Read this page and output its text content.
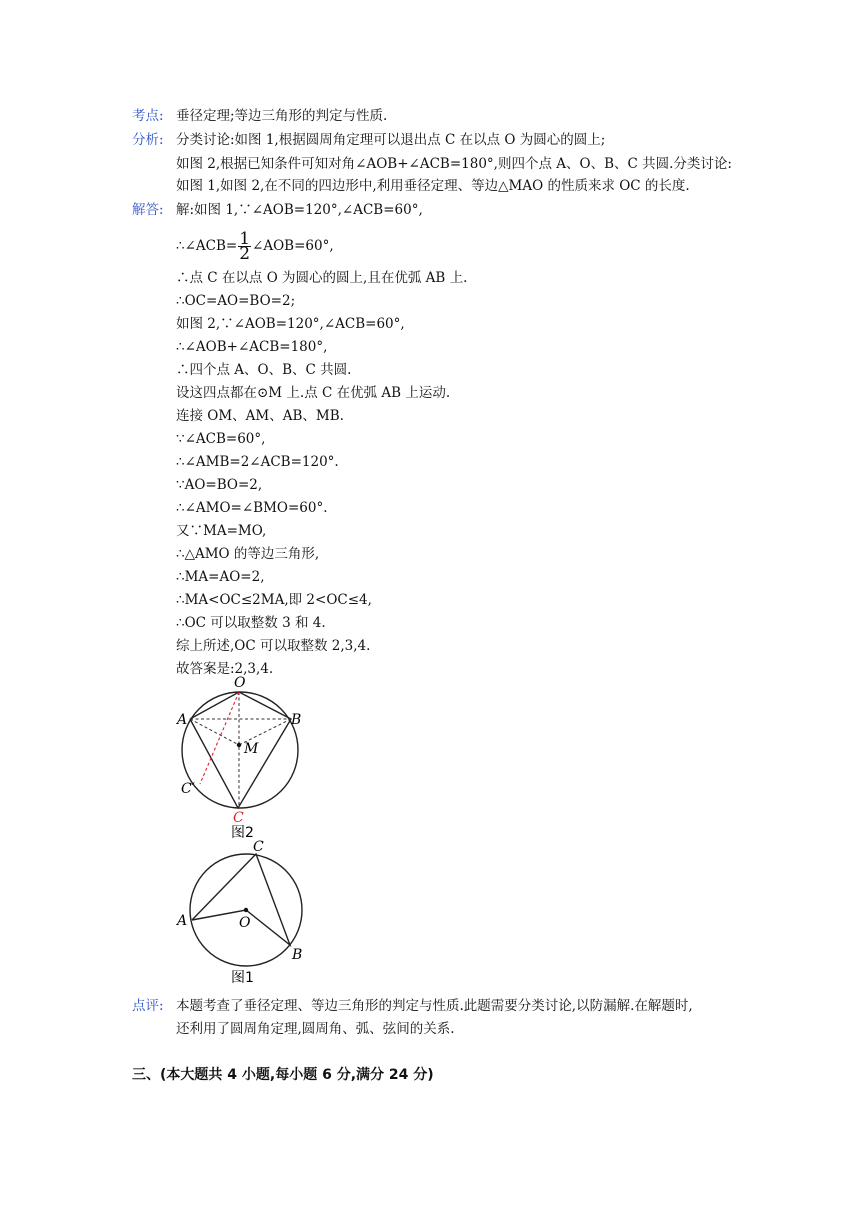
考点: 垂径定理;等边三角形的判定与性质.
分析: 分类讨论:如图 1,根据圆周角定理可以退出点 C 在以点 O 为圆心的圆上;
如图 2,根据已知条件可知对角∠AOB+∠ACB=180°,则四个点 A、O、B、C 共圆.分类讨论:
如图 1,如图 2,在不同的四边形中,利用垂径定理、等边△MAO 的性质来求 OC 的长度.
解答: 解:如图 1,∵∠AOB=120°,∠ACB=60°,
∴∠ACB= $\frac{1}{2}$ ∠AOB=60°,
∴点 C 在以点 O 为圆心的圆上,且在优弧 AB 上.
∴OC=AO=BO=2;
如图 2,∵∠AOB=120°,∠ACB=60°,
∴∠AOB+∠ACB=180°,
∴四个点 A、O、B、C 共圆.
设这四点都在⊙M 上.点 C 在优弧 AB 上运动.
连接 OM、AM、AB、MB.
∵∠ACB=60°,
∴∠AMB=2∠ACB=120°.
∵AO=BO=2,
∴∠AMO=∠BMO=60°.
又∵MA=MO,
∴△AMO 的等边三角形,
∴MA=AO=2,
∴MA<OC≤2MA,即 2<OC≤4,
∴OC 可以取整数 3 和 4.
综上所述,OC 可以取整数 2,3,4.
故答案是:2,3,4.
O
A	B
M
C′
C
图2
C
A	O
B
图1
点评: 本题考查了垂径定理、等边三角形的判定与性质.此题需要分类讨论,以防漏解.在解题时,
还利用了圆周角定理,圆周角、弧、弦间的关系.
三、(本大题共 4 小题,每小题 6 分,满分 24 分)
